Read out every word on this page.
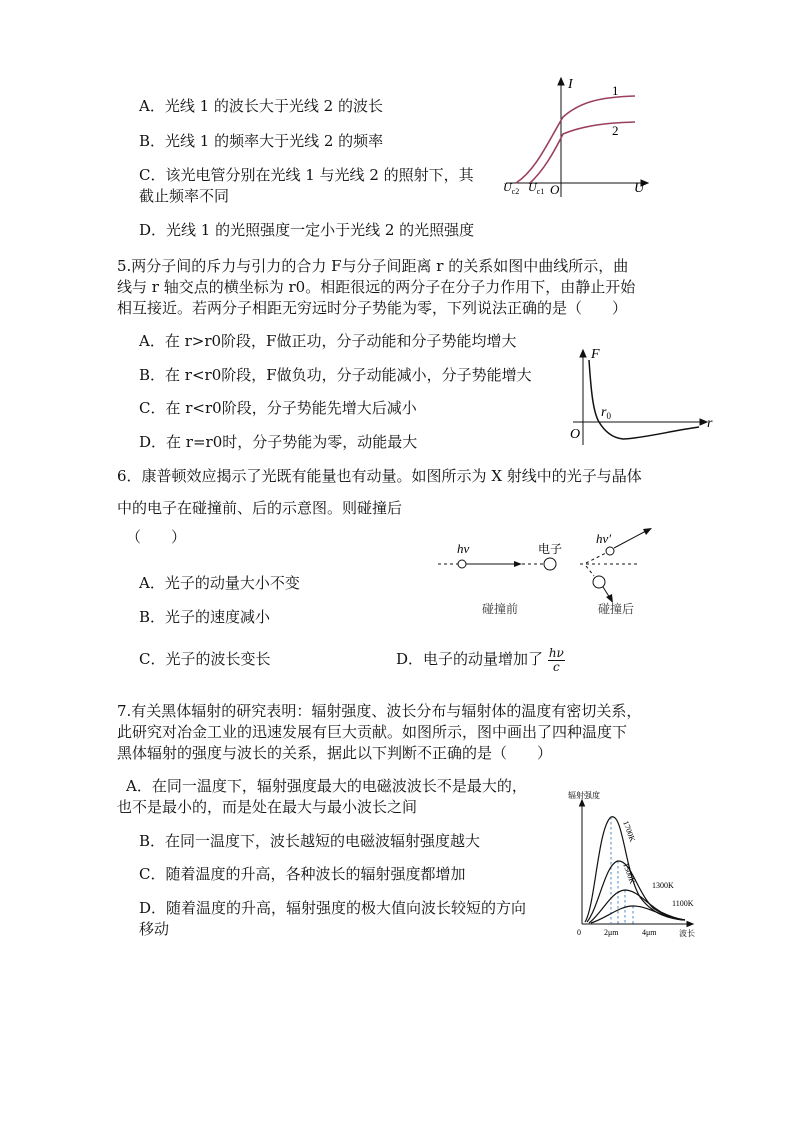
A．光线 1 的波长大于光线 2 的波长
B．光线 1 的频率大于光线 2 的频率
C．该光电管分别在光线 1 与光线 2 的照射下，其
截止频率不同
D．光线 1 的光照强度一定小于光线 2 的光照强度
I
U
O
1
2
$U_{c2}$ $U_{c1}$
5.两分子间的斥力与引力的合力 F与分子间距离 r 的关系如图中曲线所示，曲
线与 r 轴交点的横坐标为 r0。相距很远的两分子在分子力作用下，由静止开始
相互接近。若两分子相距无穷远时分子势能为零，下列说法正确的是（　　）
A．在 r>r0阶段，F做正功，分子动能和分子势能均增大
B．在 r<r0阶段，F做负功，分子动能减小，分子势能增大
C．在 r<r0阶段，分子势能先增大后减小
D．在 r=r0时，分子势能为零，动能最大
F
r
O
$r_0$
6．康普顿效应揭示了光既有能量也有动量。如图所示为 X 射线中的光子与晶体
中的电子在碰撞前、后的示意图。则碰撞后
（　　）
A．光子的动量大小不变
B．光子的速度减小
C．光子的波长变长	D．电子的动量增加了 $\frac{h\nu}{c}$
hν	电子
碰撞前
hν′
碰撞后
7.有关黑体辐射的研究表明：辐射强度、波长分布与辐射体的温度有密切关系，
此研究对冶金工业的迅速发展有巨大贡献。如图所示，图中画出了四种温度下
黑体辐射的强度与波长的关系，据此以下判断不正确的是（　　）
A．在同一温度下，辐射强度最大的电磁波波长不是最大的，
也不是最小的，而是处在最大与最小波长之间
B．在同一温度下，波长越短的电磁波辐射强度越大
C．随着温度的升高，各种波长的辐射强度都增加
D．随着温度的升高，辐射强度的极大值向波长较短的方向
移动
辐射强度
波长
0	2μm	4μm
1700K
1500K
1300K
1100K
